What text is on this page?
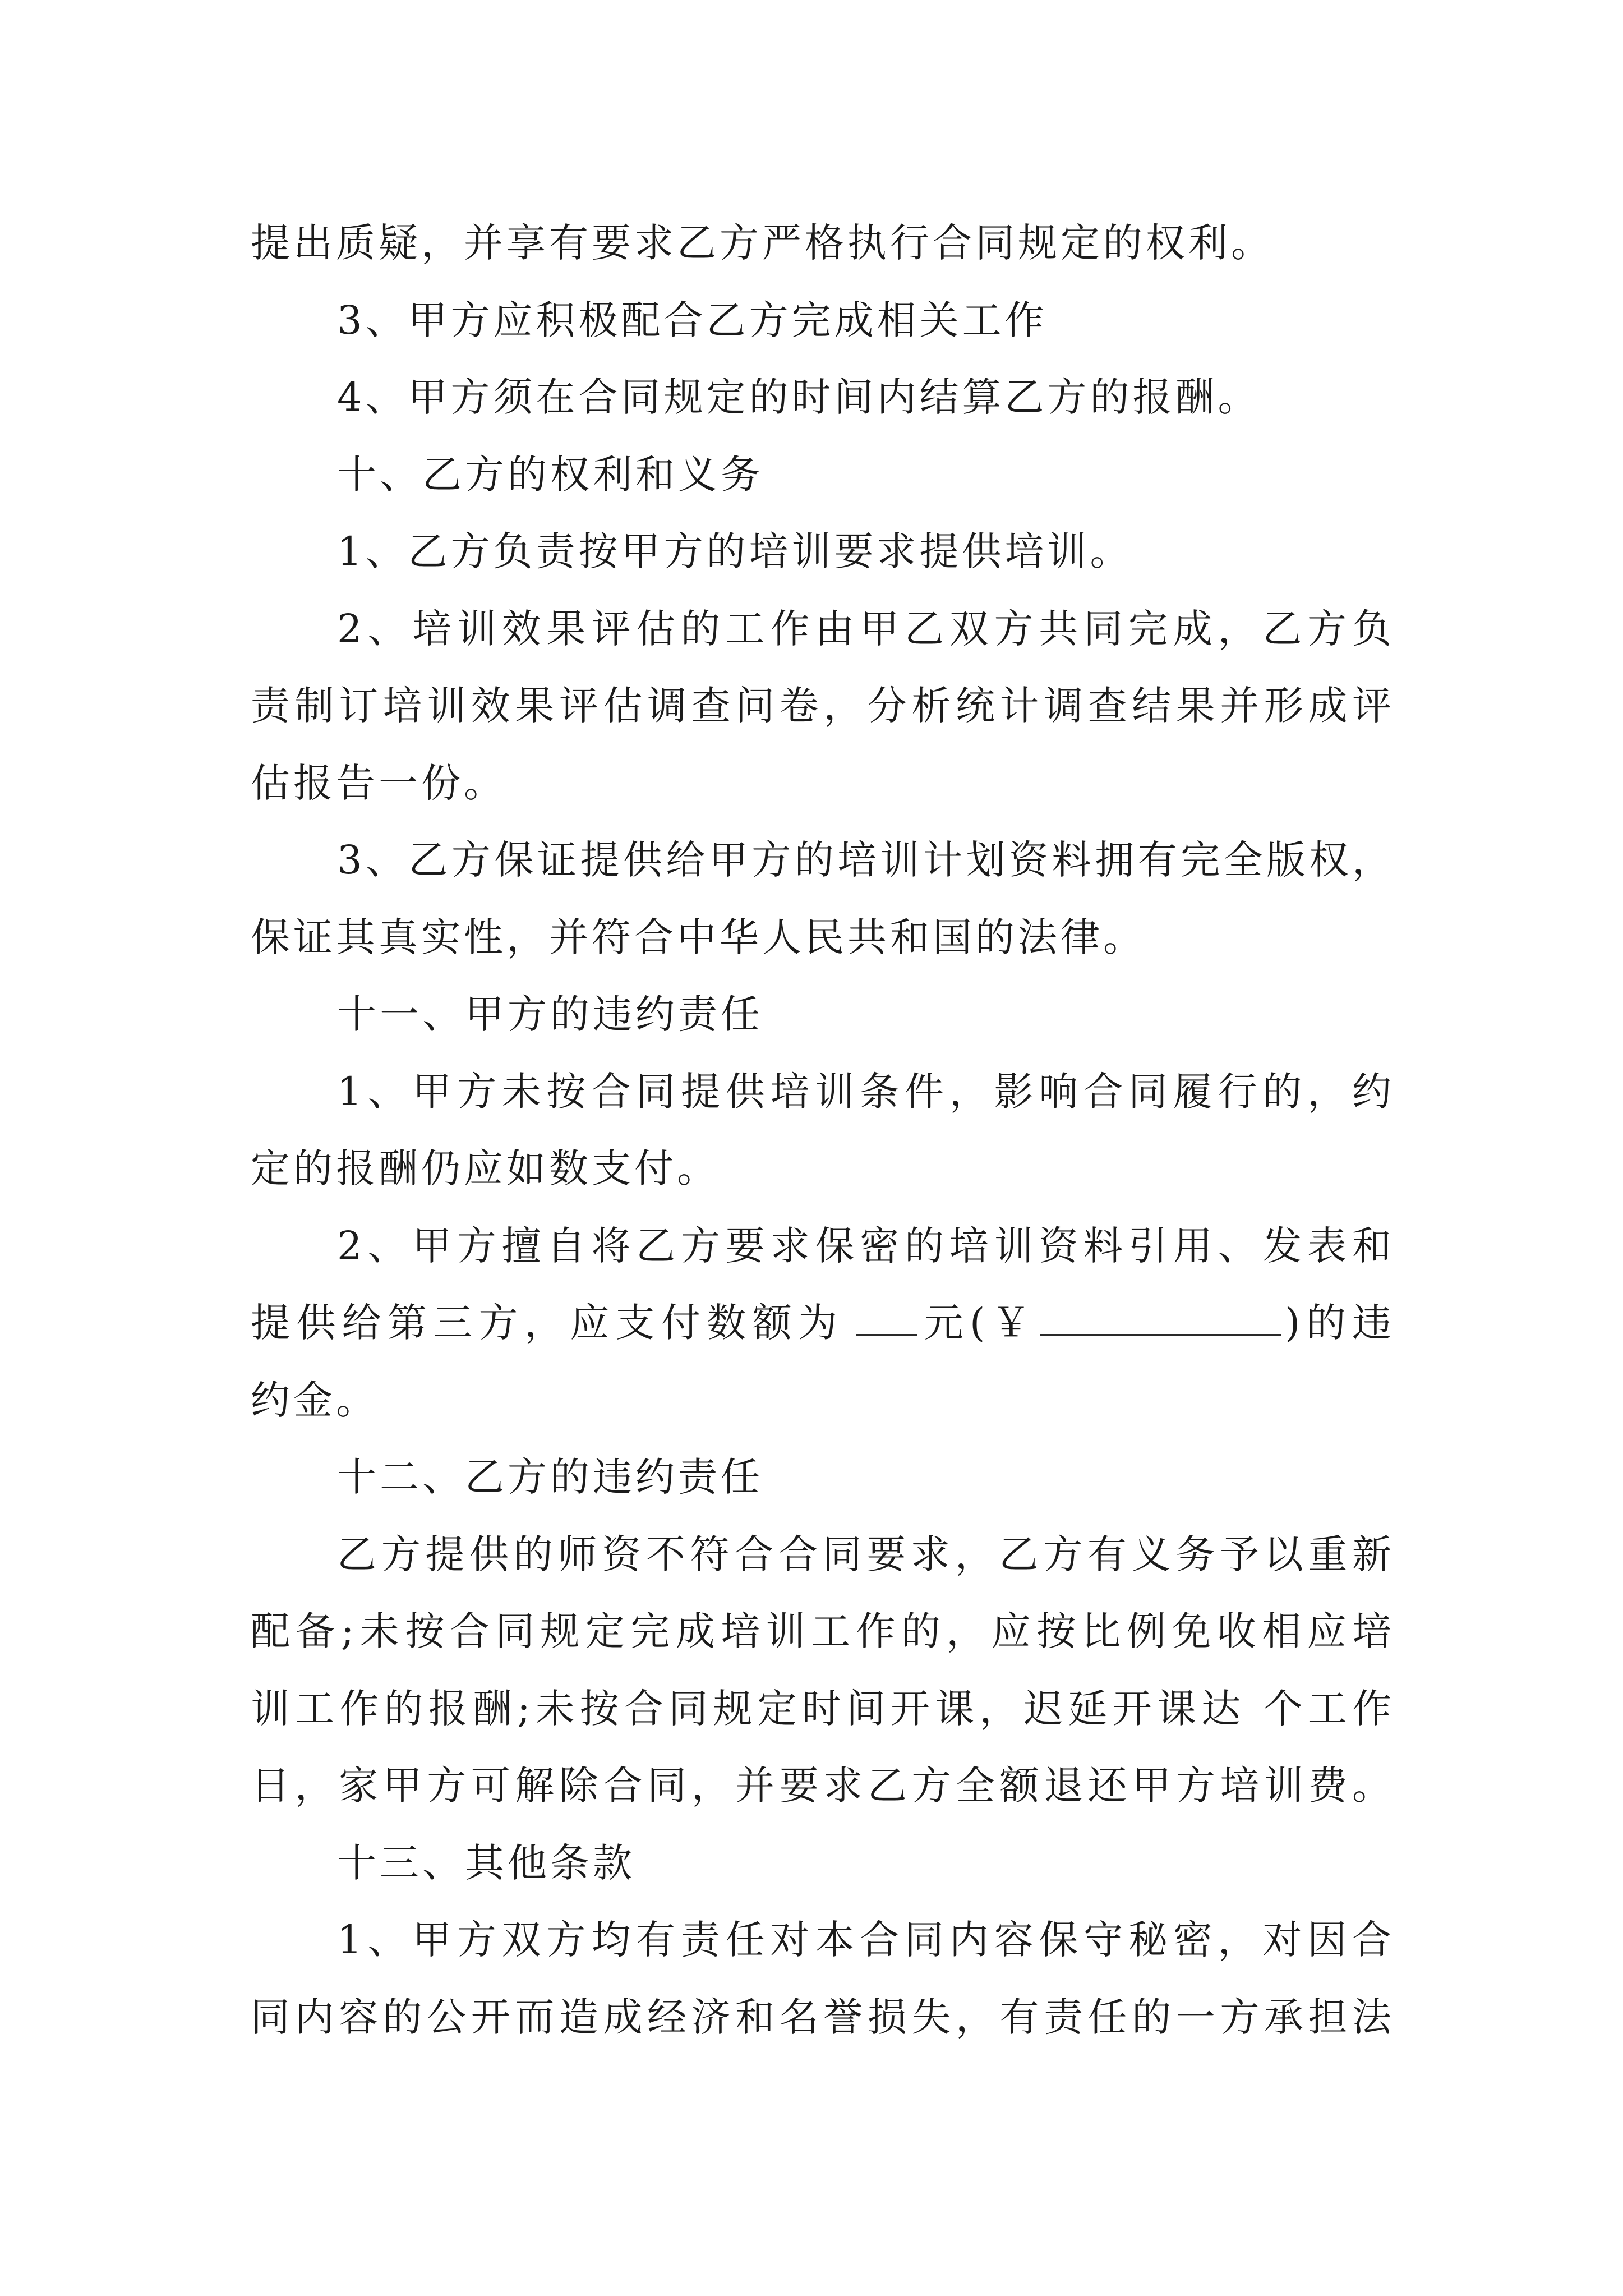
提出质疑，并享有要求乙方严格执行合同规定的权利。
3、甲方应积极配合乙方完成相关工作
4、甲方须在合同规定的时间内结算乙方的报酬。
十、乙方的权利和义务
1、乙方负责按甲方的培训要求提供培训。
2、培训效果评估的工作由甲乙双方共同完成，乙方负
责制订培训效果评估调查问卷，分析统计调查结果并形成评
估报告一份。
3、乙方保证提供给甲方的培训计划资料拥有完全版权，
保证其真实性，并符合中华人民共和国的法律。
十一、甲方的违约责任
1、甲方未按合同提供培训条件，影响合同履行的，约
定的报酬仍应如数支付。
2、甲方擅自将乙方要求保密的培训资料引用、发表和
提供给第三方，应支付数额为 元(￥	)的违
约金。
十二、乙方的违约责任
乙方提供的师资不符合合同要求，乙方有义务予以重新
配备;未按合同规定完成培训工作的，应按比例免收相应培
训工作的报酬;未按合同规定时间开课，迟延开课达 个工作
日，家甲方可解除合同，并要求乙方全额退还甲方培训费。
十三、其他条款
1、甲方双方均有责任对本合同内容保守秘密，对因合
同内容的公开而造成经济和名誉损失，有责任的一方承担法
